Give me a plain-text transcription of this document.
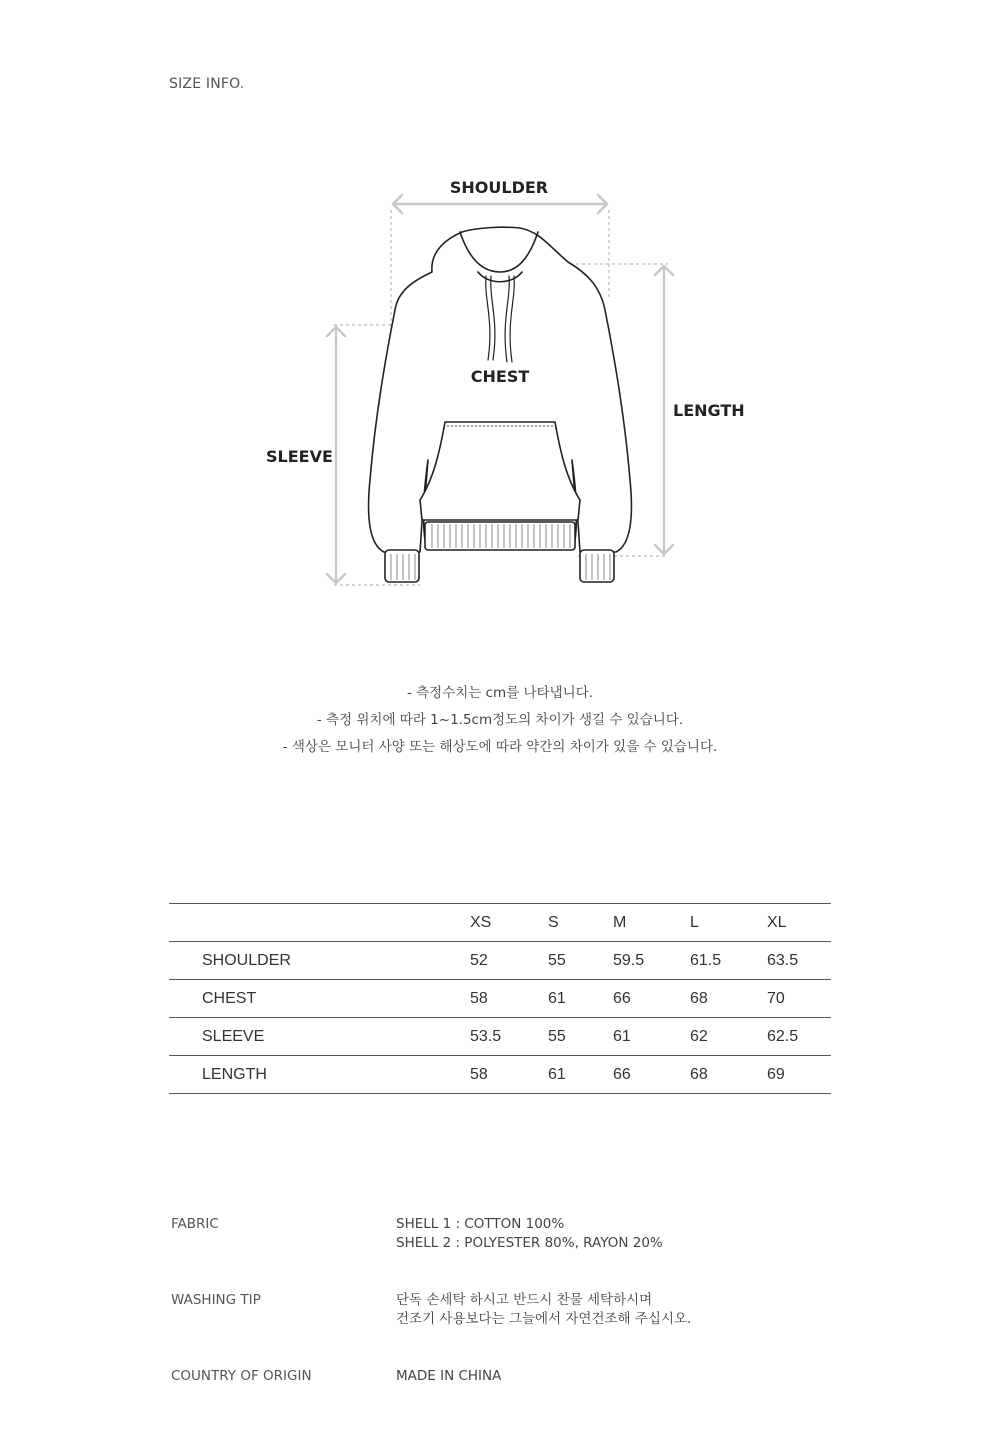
SIZE INFO.
SHOULDER
CHEST
LENGTH
SLEEVE
- 측정수치는 cm를 나타냅니다.
- 측정 위치에 따라 1~1.5cm정도의 차이가 생길 수 있습니다.
- 색상은 모니터 사양 또는 해상도에 따라 약간의 차이가 있을 수 있습니다.
	XS	S	M	L	XL
SHOULDER	52	55	59.5	61.5	63.5
CHEST	58	61	66	68	70
SLEEVE	53.5	55	61	62	62.5
LENGTH	58	61	66	68	69
FABRIC	SHELL 1 : COTTON 100%
SHELL 2 : POLYESTER 80%, RAYON 20%
WASHING TIP	단독 손세탁 하시고 반드시 찬물 세탁하시며
건조기 사용보다는 그늘에서 자연건조해 주십시오.
COUNTRY OF ORIGIN	MADE IN CHINA
